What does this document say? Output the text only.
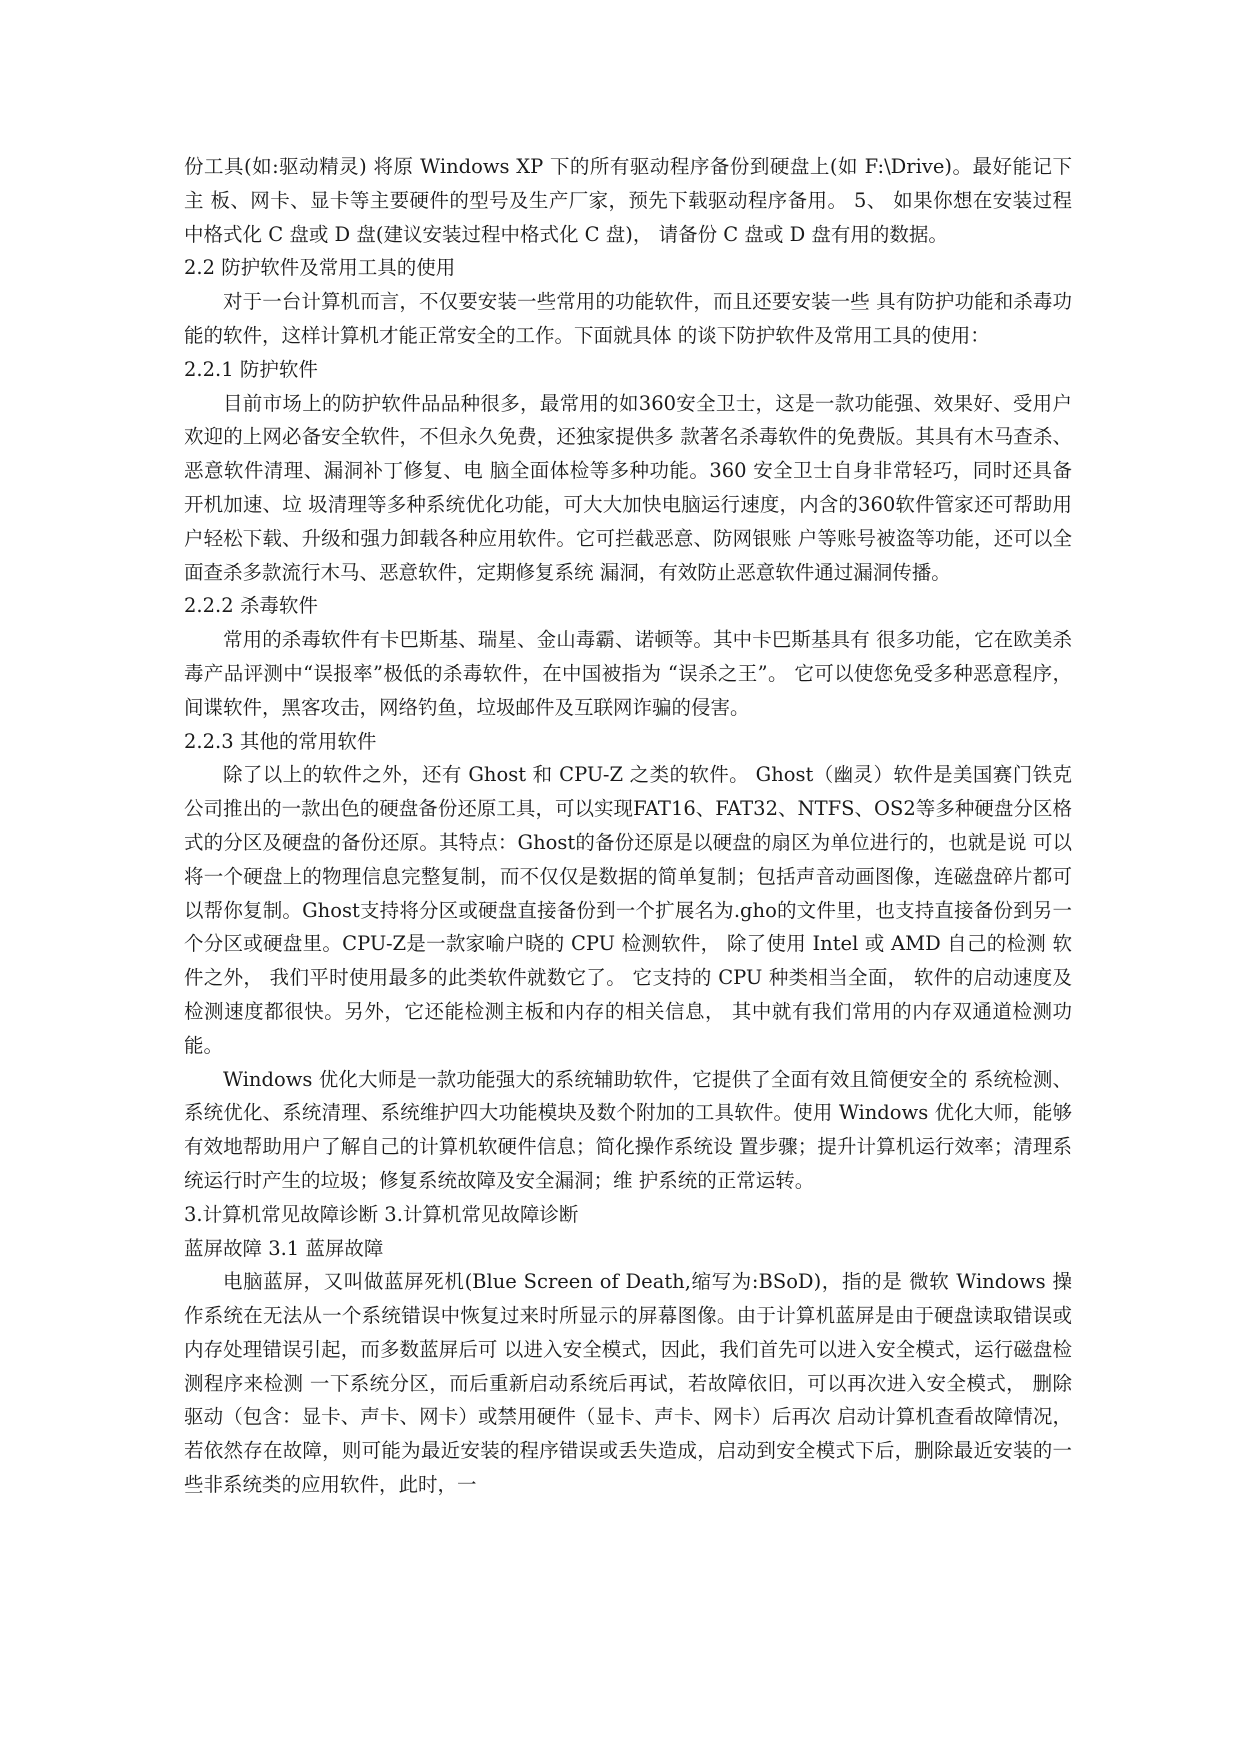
份工具(如:驱动精灵) 将原 Windows XP 下的所有驱动程序备份到硬盘上(如 F:\Drive)。最好能记下主 板、网卡、显卡等主要硬件的型号及生产厂家，预先下载驱动程序备用。 5、 如果你想在安装过程中格式化 C 盘或 D 盘(建议安装过程中格式化 C 盘)， 请备份 C 盘或 D 盘有用的数据。

2.2 防护软件及常用工具的使用

对于一台计算机而言，不仅要安装一些常用的功能软件，而且还要安装一些 具有防护功能和杀毒功能的软件，这样计算机才能正常安全的工作。下面就具体 的谈下防护软件及常用工具的使用：

2.2.1 防护软件

目前市场上的防护软件品品种很多，最常用的如360安全卫士，这是一款功能强、效果好、受用户欢迎的上网必备安全软件，不但永久免费，还独家提供多 款著名杀毒软件的免费版。其具有木马查杀、恶意软件清理、漏洞补丁修复、电 脑全面体检等多种功能。360 安全卫士自身非常轻巧，同时还具备开机加速、垃 圾清理等多种系统优化功能，可大大加快电脑运行速度，内含的360软件管家还可帮助用户轻松下载、升级和强力卸载各种应用软件。它可拦截恶意、防网银账 户等账号被盗等功能，还可以全面查杀多款流行木马、恶意软件，定期修复系统 漏洞，有效防止恶意软件通过漏洞传播。

2.2.2 杀毒软件

常用的杀毒软件有卡巴斯基、瑞星、金山毒霸、诺顿等。其中卡巴斯基具有 很多功能，它在欧美杀毒产品评测中“误报率”极低的杀毒软件，在中国被指为 “误杀之王”。 它可以使您免受多种恶意程序，间谍软件，黑客攻击，网络钓鱼，垃圾邮件及互联网诈骗的侵害。

2.2.3 其他的常用软件

除了以上的软件之外，还有 Ghost 和 CPU-Z 之类的软件。 Ghost（幽灵）软件是美国赛门铁克公司推出的一款出色的硬盘备份还原工具，可以实现FAT16、FAT32、NTFS、OS2等多种硬盘分区格式的分区及硬盘的备份还原。其特点：Ghost的备份还原是以硬盘的扇区为单位进行的，也就是说 可以将一个硬盘上的物理信息完整复制，而不仅仅是数据的简单复制；包括声音动画图像，连磁盘碎片都可以帮你复制。Ghost支持将分区或硬盘直接备份到一个扩展名为.gho的文件里，也支持直接备份到另一个分区或硬盘里。CPU-Z是一款家喻户晓的 CPU 检测软件， 除了使用 Intel 或 AMD 自己的检测 软件之外， 我们平时使用最多的此类软件就数它了。 它支持的 CPU 种类相当全面， 软件的启动速度及检测速度都很快。另外，它还能检测主板和内存的相关信息， 其中就有我们常用的内存双通道检测功能。

Windows 优化大师是一款功能强大的系统辅助软件，它提供了全面有效且简便安全的 系统检测、系统优化、系统清理、系统维护四大功能模块及数个附加的工具软件。使用 Windows 优化大师，能够有效地帮助用户了解自己的计算机软硬件信息；简化操作系统设 置步骤；提升计算机运行效率；清理系统运行时产生的垃圾；修复系统故障及安全漏洞；维 护系统的正常运转。

3.计算机常见故障诊断 3.计算机常见故障诊断

蓝屏故障 3.1 蓝屏故障

电脑蓝屏，又叫做蓝屏死机(Blue Screen of Death,缩写为:BSoD)，指的是 微软 Windows 操作系统在无法从一个系统错误中恢复过来时所显示的屏幕图像。由于计算机蓝屏是由于硬盘读取错误或内存处理错误引起，而多数蓝屏后可 以进入安全模式，因此，我们首先可以进入安全模式，运行磁盘检测程序来检测 一下系统分区，而后重新启动系统后再试，若故障依旧，可以再次进入安全模式， 删除驱动（包含：显卡、声卡、网卡）或禁用硬件（显卡、声卡、网卡）后再次 启动计算机查看故障情况，若依然存在故障，则可能为最近安装的程序错误或丢失造成，启动到安全模式下后，删除最近安装的一些非系统类的应用软件，此时，一
